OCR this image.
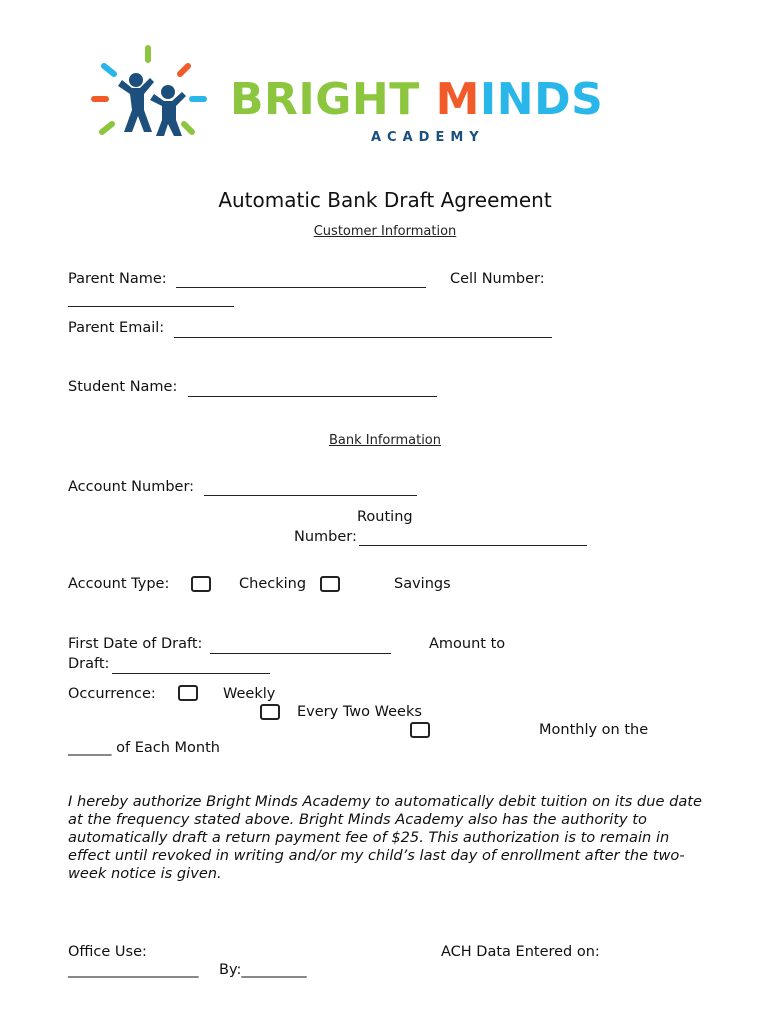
BRIGHT MINDS
ACADEMY
Automatic Bank Draft Agreement
Customer Information
Parent Name:	Cell Number:
Parent Email:
Student Name:
Bank Information
Account Number:
Routing
Number:
Account Type:	Checking	Savings
First Date of Draft:	Amount to
Draft:
Occurrence:	Weekly
Every Two Weeks
Monthly on the
______ of Each Month
I hereby authorize Bright Minds Academy to automatically debit tuition on its due date at the frequency stated above. Bright Minds Academy also has the authority to automatically draft a return payment fee of $25. This authorization is to remain in effect until revoked in writing and/or my child’s last day of enrollment after the two-week notice is given.
Office Use:	ACH Data Entered on:
__________________ By:_________
